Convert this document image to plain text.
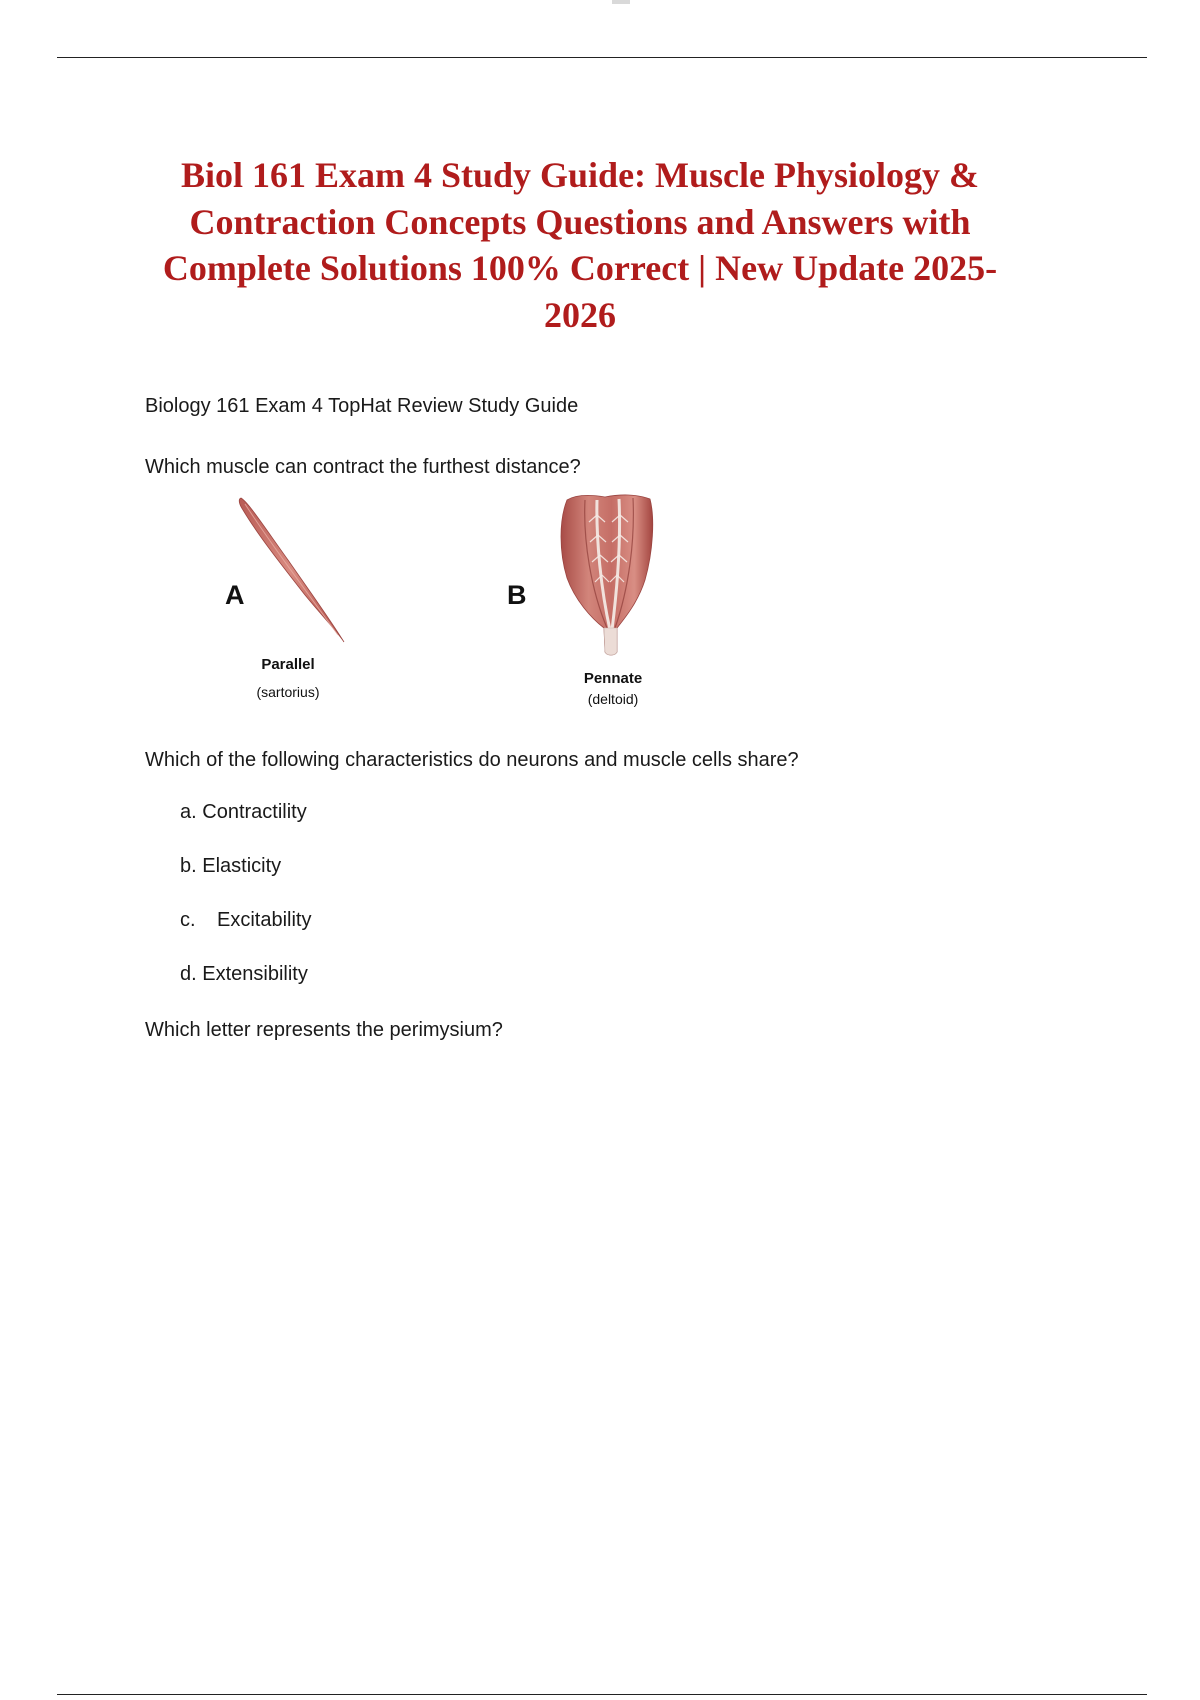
Biol 161 Exam 4 Study Guide: Muscle Physiology & Contraction Concepts Questions and Answers with Complete Solutions 100% Correct | New Update 2025-2026

Biology 161 Exam 4 TopHat Review Study Guide

Which muscle can contract the furthest distance?

A	B
Parallel
(sartorius)
Pennate
(deltoid)

Which of the following characteristics do neurons and muscle cells share?

a. Contractility
b. Elasticity
c. Excitability
d. Extensibility

Which letter represents the perimysium?
